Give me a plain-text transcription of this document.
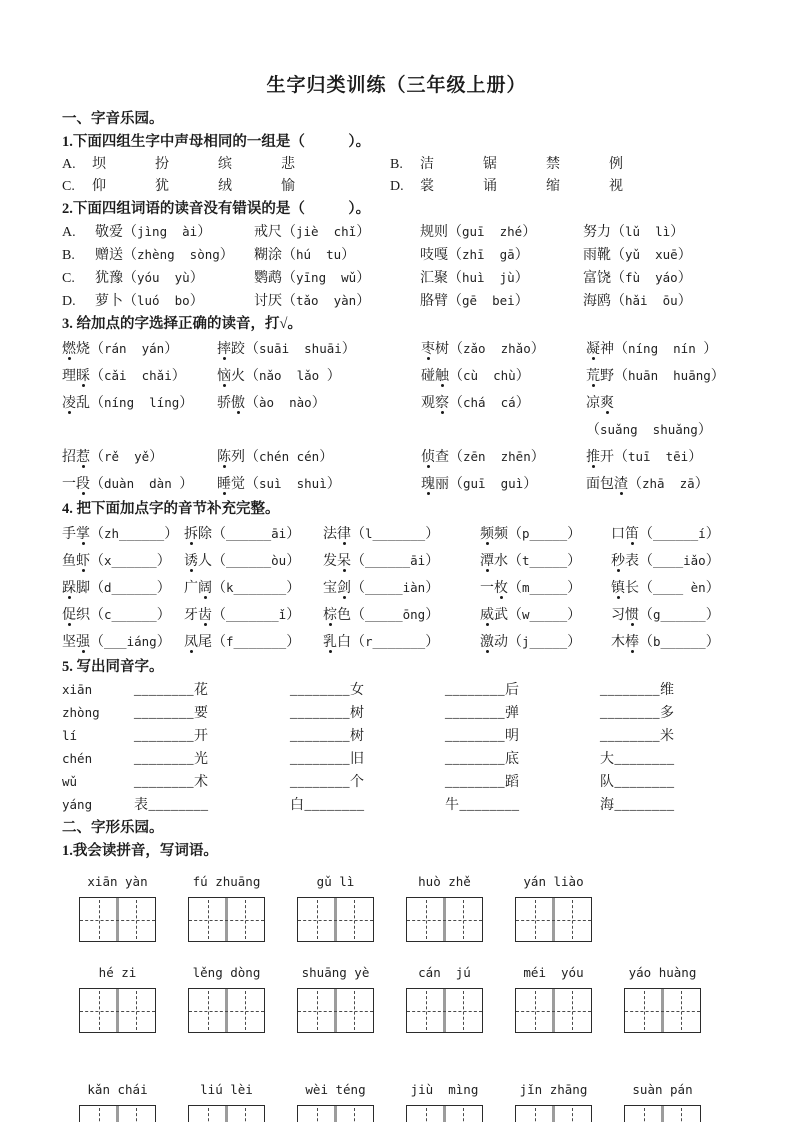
生字归类训练（三年级上册）
一、字音乐园。
1.下面四组生字中声母相同的一组是（　　　）。
A.	坝	扮	缤	悲	B.	洁	锯	禁	例
C.	仰	犹	绒	愉	D.	裳	诵	缩	视
2.下面四组词语的读音没有错误的是（　　　）。
A.	敬爱（jìng  ài）	戒尺（jiè  chǐ）	规则（guī  zhé）	努力（lǔ  lì）
B.	赠送（zhèng  sòng）	糊涂（hú  tu）	吱嘎（zhī  gā）	雨靴（yǔ  xuē）
C.	犹豫（yóu  yù）	鹦鹉（yīng  wǔ）	汇聚（huì  jù）	富饶（fù  yáo）
D.	萝卜（luó  bo）	讨厌（tǎo  yàn）	胳臂（gē  bei）	海鸥（hǎi  ōu）
3. 给加点的字选择正确的读音，打√。
燃烧（rán  yán）	摔跤（suāi  shuāi）	枣树（zǎo  zhǎo）	凝神（níng  nín ）
理睬（cǎi  chǎi）	恼火（nǎo  lǎo ）	碰触（cù  chù）	荒野（huān  huāng）
凌乱（níng  líng）	骄傲（ào  nào）	观察（chá  cá）	凉爽（suǎng  shuǎng）
招惹（rě  yě）	陈列（chén cén）	侦查（zēn  zhēn）	推开（tuī  tēi）
一段（duàn  dàn ）	睡觉（suì  shuì）	瑰丽（guī  guì）	面包渣（zhā  zā）
4. 把下面加点字的音节补充完整。
手掌（zh______） 拆除（______āi）	法律（l_______）	频频（p_____）	口笛（______í）
鱼虾（x______） 诱人（______òu）	发呆（______āi）	潭水（t_____）	秒表（____iǎo）
跺脚（d______） 广阔（k_______）	宝剑（_____iàn）	一枚（m_____）	镇长（____ èn）
促织（c______） 牙齿（_______ǐ）	棕色（_____ōng）	威武（w_____）	习惯（g______）
坚强（___iáng） 凤尾（f_______）	乳白（r_______）	激动（j_____）	木棒（b______）
5. 写出同音字。
xiān	________花	________女	________后	________维
zhòng	________要	________树	________弹	________多
lí	________开	________树	________明	________米
chén	________光	________旧	________底	大________
wǔ	________术	________个	________蹈	队________
yáng	表________	白________	牛________	海________
二、字形乐园。
1.我会读拼音，写词语。
xiān yàn	fú zhuāng	gǔ lì	huò zhě	yán liào
hé zi	lěng dòng	shuāng yè	cán  jú	méi  yóu	yáo huàng
kǎn chái	liú lèi	wèi téng	jiù  mìng	jǐn zhāng	suàn pán
